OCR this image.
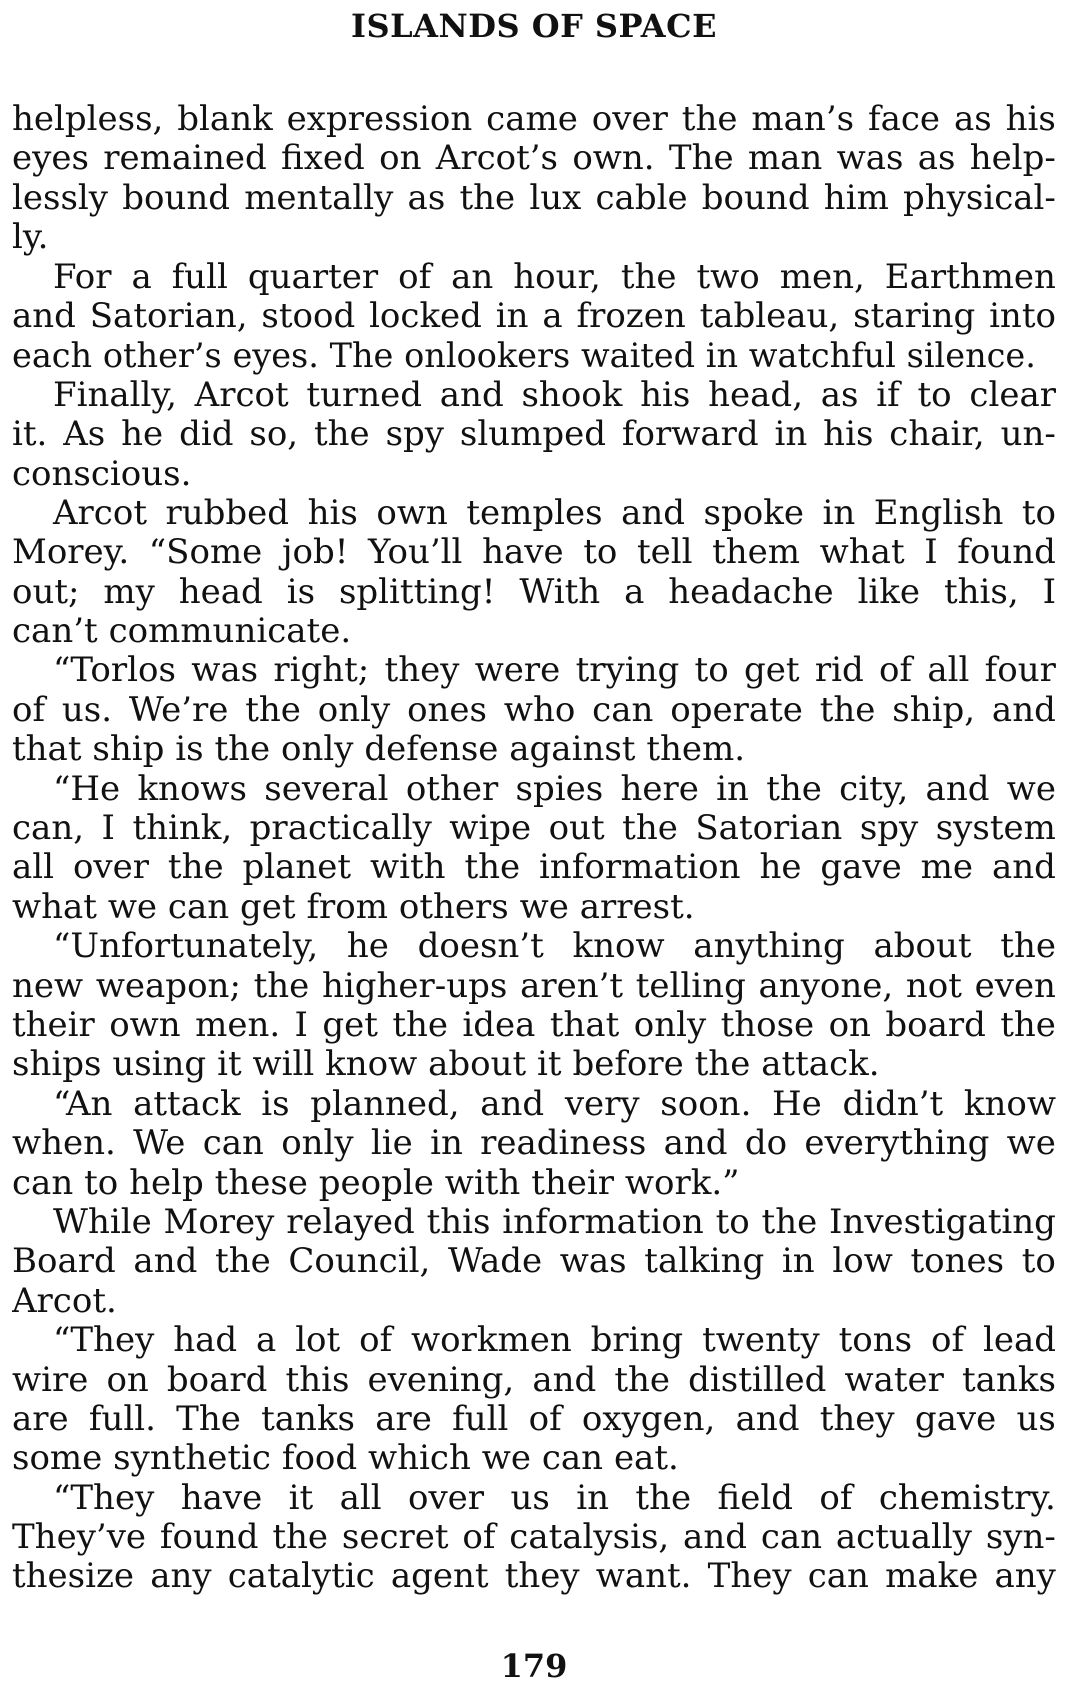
ISLANDS OF SPACE
helpless, blank expression came over the man’s face as his
eyes remained fixed on Arcot’s own. The man was as help-
lessly bound mentally as the lux cable bound him physical-
ly.
For a full quarter of an hour, the two men, Earthmen
and Satorian, stood locked in a frozen tableau, staring into
each other’s eyes. The onlookers waited in watchful silence.
Finally, Arcot turned and shook his head, as if to clear
it. As he did so, the spy slumped forward in his chair, un-
conscious.
Arcot rubbed his own temples and spoke in English to
Morey. “Some job! You’ll have to tell them what I found
out; my head is splitting! With a headache like this, I
can’t communicate.
“Torlos was right; they were trying to get rid of all four
of us. We’re the only ones who can operate the ship, and
that ship is the only defense against them.
“He knows several other spies here in the city, and we
can, I think, practically wipe out the Satorian spy system
all over the planet with the information he gave me and
what we can get from others we arrest.
“Unfortunately, he doesn’t know anything about the
new weapon; the higher-ups aren’t telling anyone, not even
their own men. I get the idea that only those on board the
ships using it will know about it before the attack.
“An attack is planned, and very soon. He didn’t know
when. We can only lie in readiness and do everything we
can to help these people with their work.”
While Morey relayed this information to the Investigating
Board and the Council, Wade was talking in low tones to
Arcot.
“They had a lot of workmen bring twenty tons of lead
wire on board this evening, and the distilled water tanks
are full. The tanks are full of oxygen, and they gave us
some synthetic food which we can eat.
“They have it all over us in the field of chemistry.
They’ve found the secret of catalysis, and can actually syn-
thesize any catalytic agent they want. They can make any
179
